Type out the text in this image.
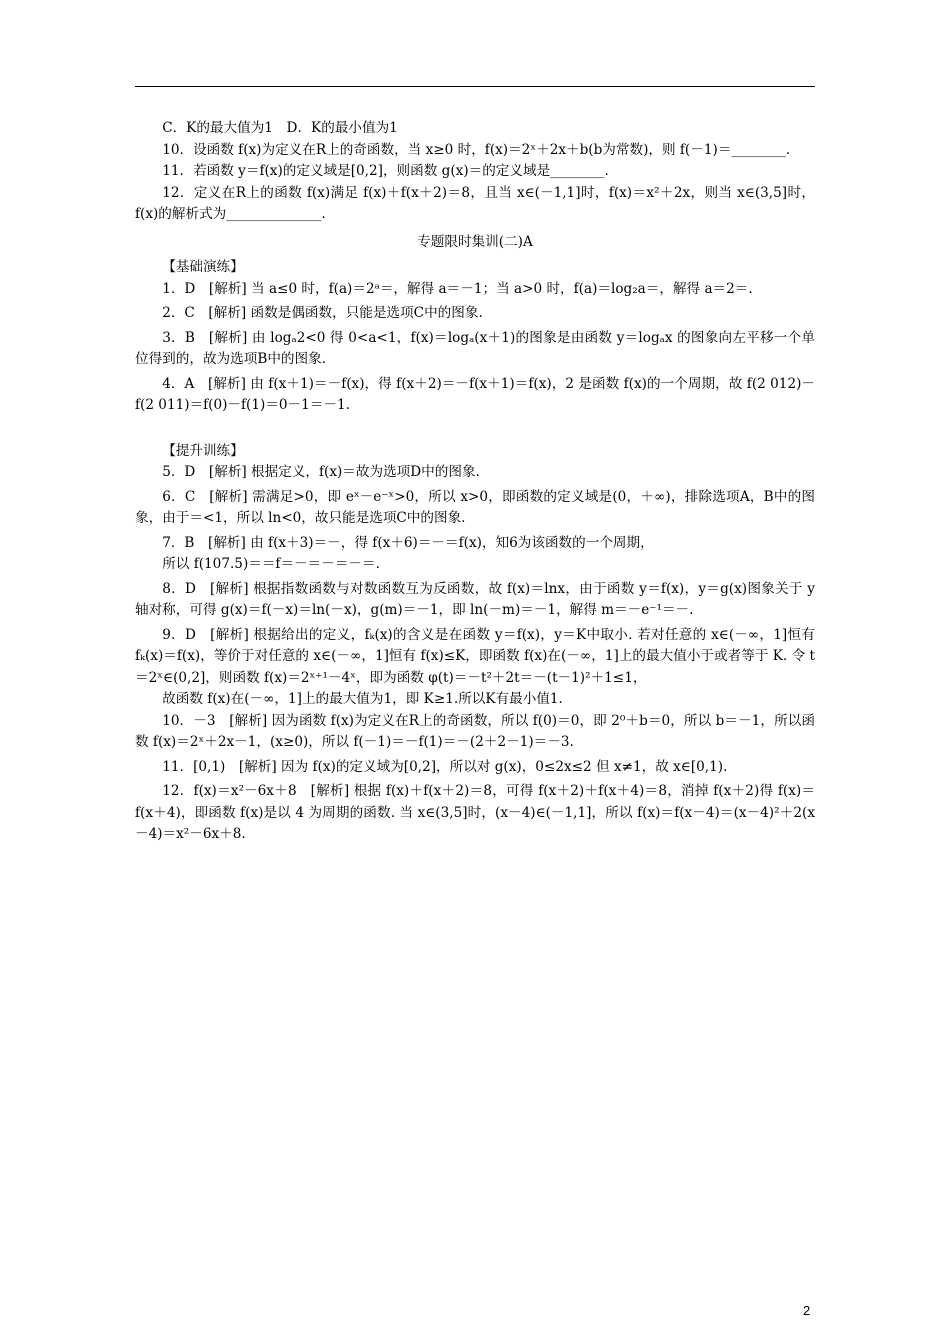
C．K的最大值为1　D．K的最小值为1

10．设函数 f(x)为定义在R上的奇函数，当 x≥0 时，f(x)＝2ˣ＋2x＋b(b为常数)，则 f(－1)＝________.

11．若函数 y＝f(x)的定义域是[0,2]，则函数 g(x)＝的定义域是________.

12．定义在R上的函数 f(x)满足 f(x)＋f(x＋2)＝8，且当 x∈(－1,1]时，f(x)＝x²＋2x，则当 x∈(3,5]时，f(x)的解析式为______________.

专题限时集训(二)A

【基础演练】

1．D　[解析] 当 a≤0 时，f(a)＝2ᵃ＝，解得 a＝－1；当 a>0 时，f(a)＝log₂a＝，解得 a＝2＝.

2．C　[解析] 函数是偶函数，只能是选项C中的图象.

3．B　[解析] 由 logₐ2<0 得 0<a<1，f(x)＝logₐ(x＋1)的图象是由函数 y＝logₐx 的图象向左平移一个单位得到的，故为选项B中的图象.

4．A　[解析] 由 f(x＋1)＝－f(x)，得 f(x＋2)＝－f(x＋1)＝f(x)，2 是函数 f(x)的一个周期，故 f(2 012)－f(2 011)＝f(0)－f(1)＝0－1＝－1.

【提升训练】

5．D　[解析] 根据定义，f(x)＝故为选项D中的图象.

6．C　[解析] 需满足>0，即 eˣ－e⁻ˣ>0，所以 x>0，即函数的定义域是(0，＋∞)，排除选项A，B中的图象，由于＝<1，所以 ln<0，故只能是选项C中的图象.

7．B　[解析] 由 f(x＋3)＝－，得 f(x＋6)＝－＝f(x)，知6为该函数的一个周期，

所以 f(107.5)＝＝f＝－＝－＝－＝.

8．D　[解析] 根据指数函数与对数函数互为反函数，故 f(x)＝lnx，由于函数 y＝f(x)，y＝g(x)图象关于 y 轴对称，可得 g(x)＝f(－x)＝ln(－x)，g(m)＝－1，即 ln(－m)＝－1，解得 m＝－e⁻¹＝－.

9．D　[解析] 根据给出的定义，fₖ(x)的含义是在函数 y＝f(x)，y＝K中取小. 若对任意的 x∈(－∞，1]恒有 fₖ(x)＝f(x)，等价于对任意的 x∈(－∞，1]恒有 f(x)≤K，即函数 f(x)在(－∞，1]上的最大值小于或者等于 K. 令 t＝2ˣ∈(0,2]，则函数 f(x)＝2ˣ⁺¹－4ˣ，即为函数 φ(t)＝－t²＋2t＝－(t－1)²＋1≤1，

故函数 f(x)在(－∞，1]上的最大值为1，即 K≥1.所以K有最小值1.

10．－3　[解析] 因为函数 f(x)为定义在R上的奇函数，所以 f(0)＝0，即 2⁰＋b＝0，所以 b＝－1，所以函数 f(x)＝2ˣ＋2x－1，(x≥0)，所以 f(－1)＝－f(1)＝－(2＋2－1)＝－3.

11．[0,1)　[解析] 因为 f(x)的定义域为[0,2]，所以对 g(x)，0≤2x≤2 但 x≠1，故 x∈[0,1).

12．f(x)＝x²－6x＋8　[解析] 根据 f(x)＋f(x＋2)＝8，可得 f(x＋2)＋f(x＋4)＝8，消掉 f(x＋2)得 f(x)＝f(x＋4)，即函数 f(x)是以 4 为周期的函数. 当 x∈(3,5]时，(x－4)∈(－1,1]，所以 f(x)＝f(x－4)＝(x－4)²＋2(x－4)＝x²－6x＋8.

2
